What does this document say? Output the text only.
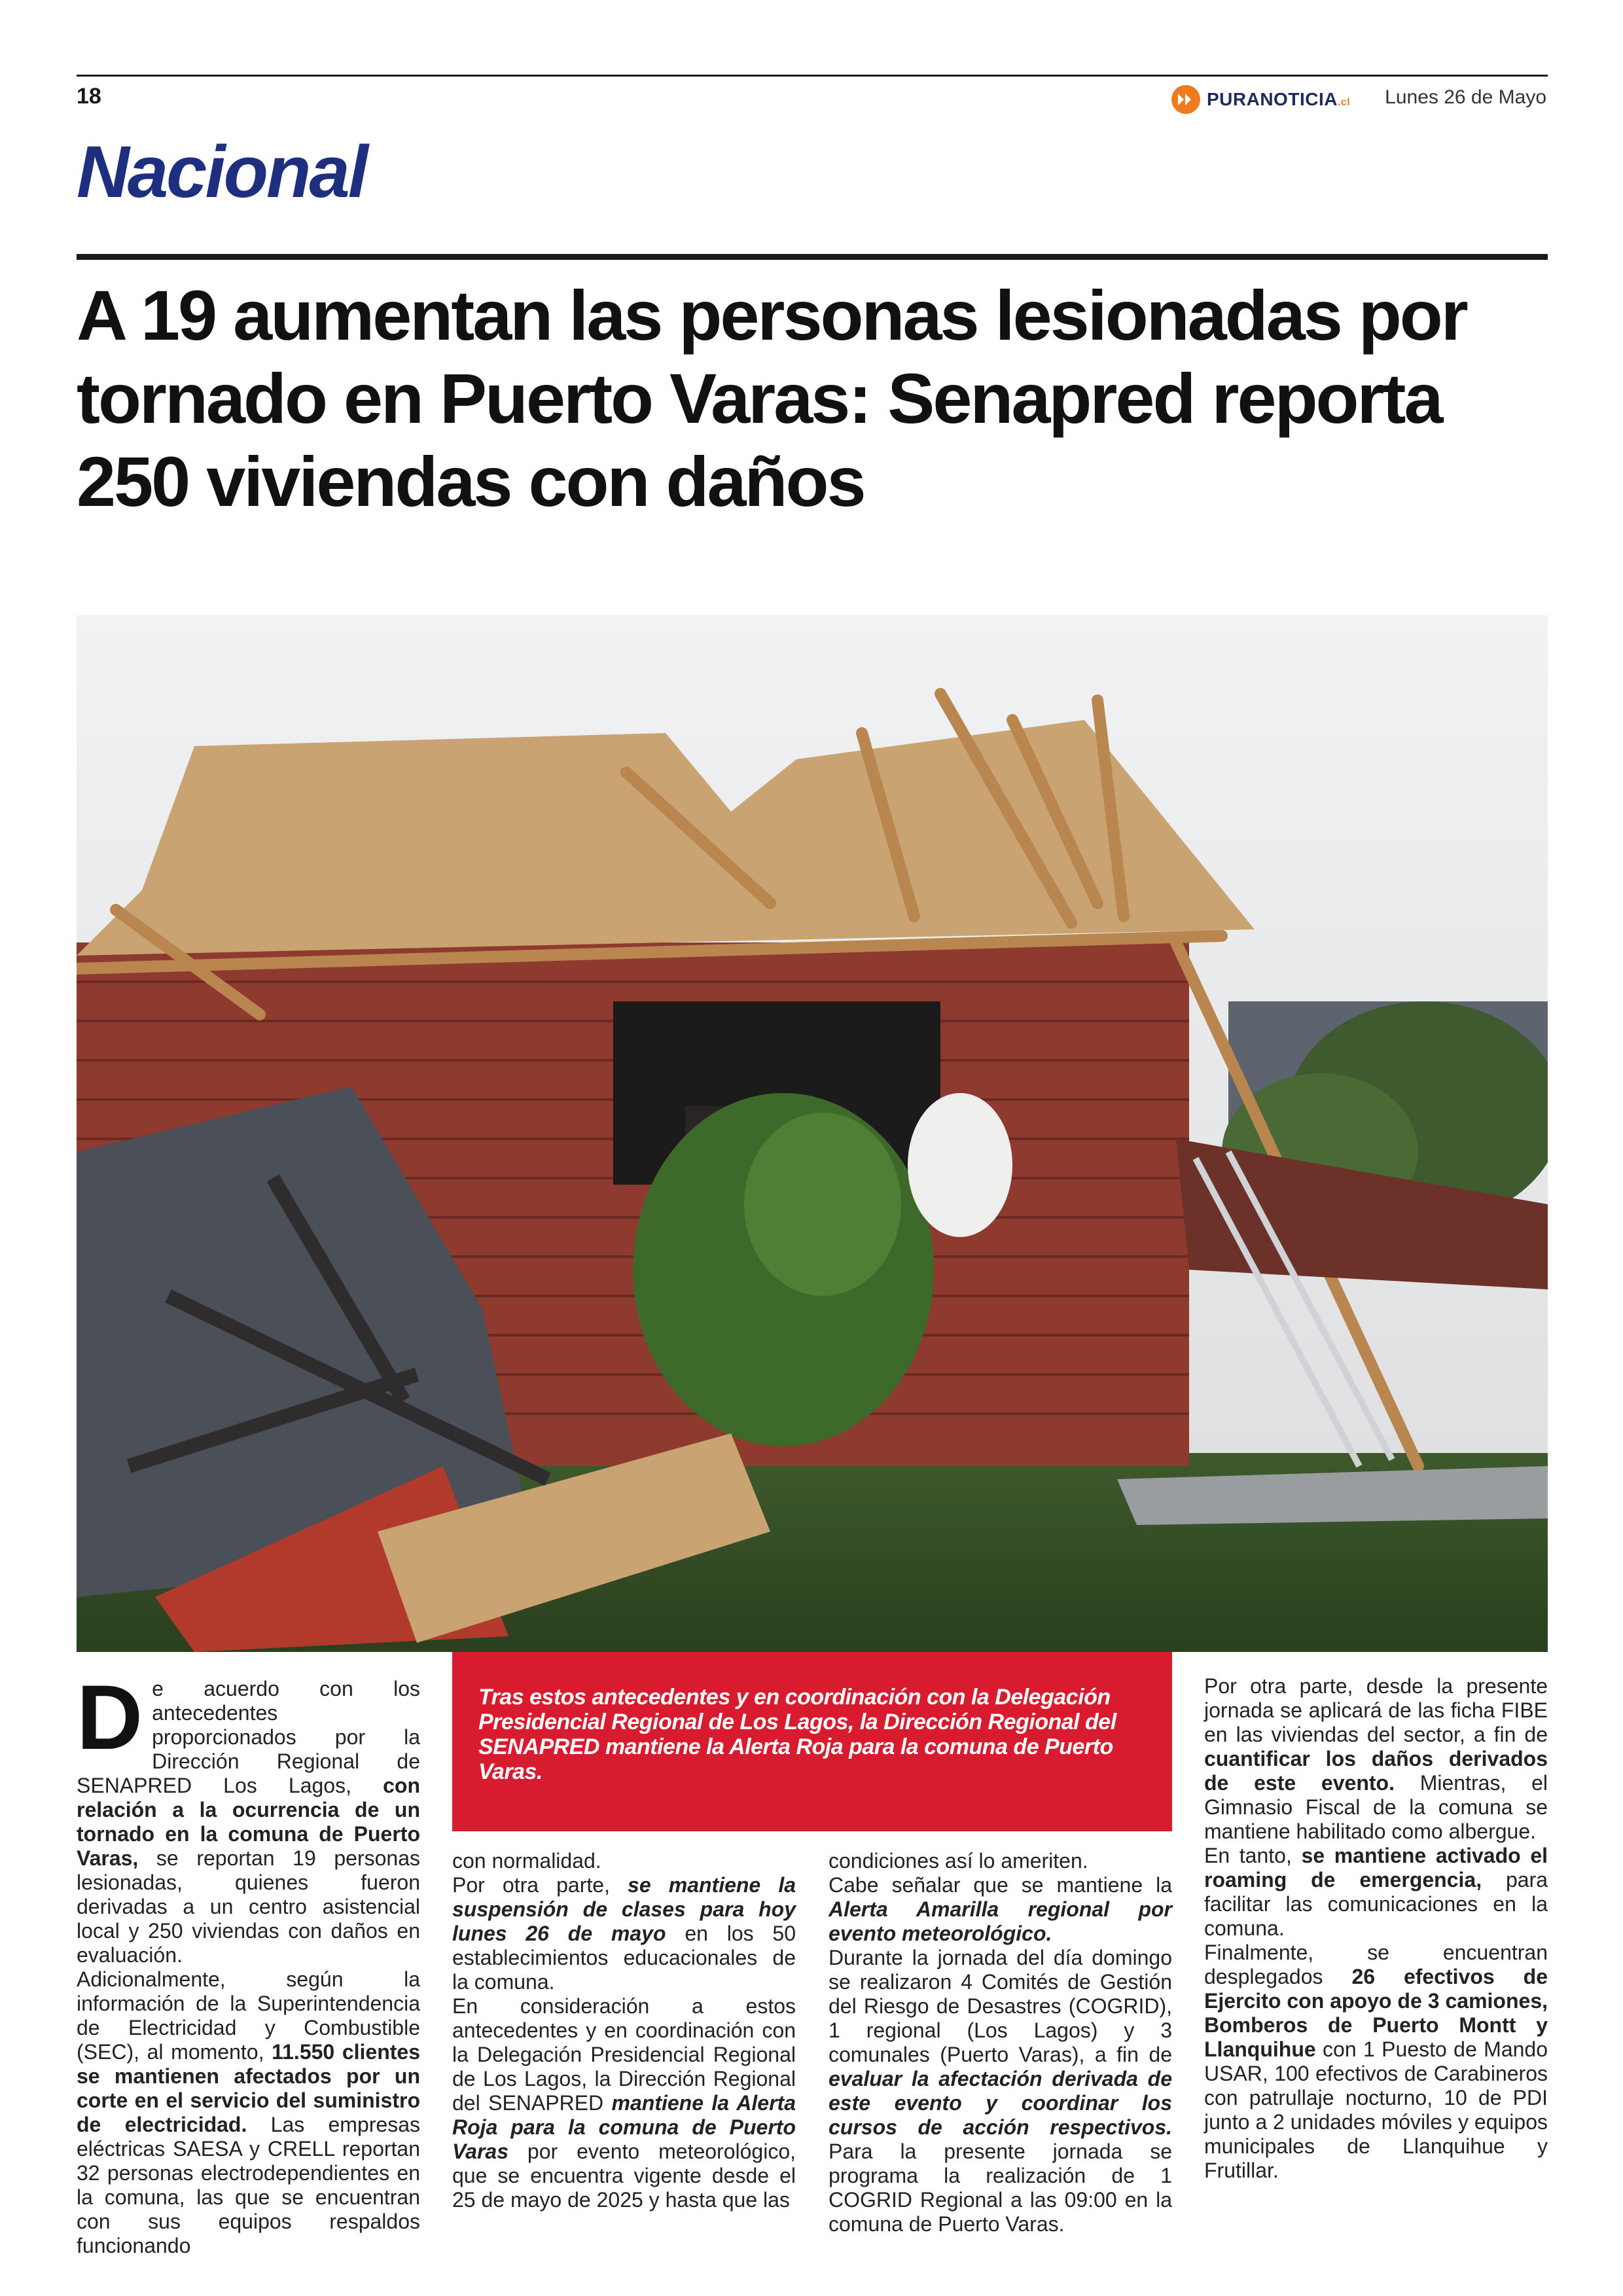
18	PURANOTICIA.cl Lunes 26 de Mayo
Nacional
A 19 aumentan las personas lesionadas por tornado en Puerto Varas: Senapred reporta 250 viviendas con daños
D e acuerdo con los antecedentes proporcionados por la Dirección Regional de SENAPRED Los Lagos, con relación a la ocurrencia de un tornado en la comuna de Puerto Varas, se reportan 19 personas lesionadas, quienes fueron derivadas a un centro asistencial local y 250 viviendas con daños en evaluación.

Adicionalmente, según la información de la Superintendencia de Electricidad y Combustible (SEC), al momento, 11.550 clientes se mantienen afectados por un corte en el servicio del suministro de electricidad. Las empresas eléctricas SAESA y CRELL reportan 32 personas electrodependientes en la comuna, las que se encuentran con sus equipos respaldos funcionando

Tras estos antecedentes y en coordinación con la Delegación Presidencial Regional de Los Lagos, la Dirección Regional del SENAPRED mantiene la Alerta Roja para la comuna de Puerto Varas.

con normalidad.

Por otra parte, se mantiene la suspensión de clases para hoy lunes 26 de mayo en los 50 establecimientos educacionales de la comuna.

En consideración a estos antecedentes y en coordinación con la Delegación Presidencial Regional de Los Lagos, la Dirección Regional del SENAPRED mantiene la Alerta Roja para la comuna de Puerto Varas por evento meteorológico, que se encuentra vigente desde el 25 de mayo de 2025 y hasta que las

condiciones así lo ameriten.

Cabe señalar que se mantiene la Alerta Amarilla regional por evento meteorológico.

Durante la jornada del día domingo se realizaron 4 Comités de Gestión del Riesgo de Desastres (COGRID), 1 regional (Los Lagos) y 3 comunales (Puerto Varas), a fin de evaluar la afectación derivada de este evento y coordinar los cursos de acción respectivos. Para la presente jornada se programa la realización de 1 COGRID Regional a las 09:00 en la comuna de Puerto Varas.

Por otra parte, desde la presente jornada se aplicará de las ficha FIBE en las viviendas del sector, a fin de cuantificar los daños derivados de este evento. Mientras, el Gimnasio Fiscal de la comuna se mantiene habilitado como albergue.

En tanto, se mantiene activado el roaming de emergencia, para facilitar las comunicaciones en la comuna.

Finalmente, se encuentran desplegados 26 efectivos de Ejercito con apoyo de 3 camiones, Bomberos de Puerto Montt y Llanquihue con 1 Puesto de Mando USAR, 100 efectivos de Carabineros con patrullaje nocturno, 10 de PDI junto a 2 unidades móviles y equipos municipales de Llanquihue y Frutillar.
